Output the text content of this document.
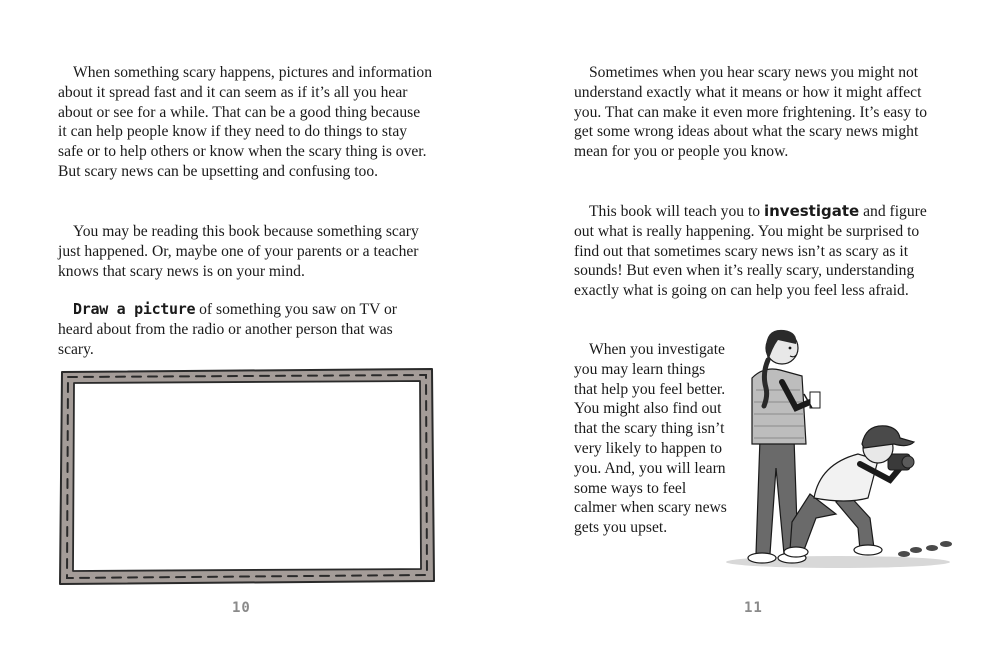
When something scary happens, pictures and information about it spread fast and it can seem as if it’s all you hear about or see for a while. That can be a good thing because it can help people know if they need to do things to stay safe or to help others or know when the scary thing is over. But scary news can be upsetting and confusing too.

You may be reading this book because something scary just happened. Or, maybe one of your parents or a teacher knows that scary news is on your mind.

Draw a picture of something you saw on TV or heard about from the radio or another person that was scary.

10

Sometimes when you hear scary news you might not understand exactly what it means or how it might affect you. That can make it even more frightening. It’s easy to get some wrong ideas about what the scary news might mean for you or people you know.

This book will teach you to investigate and figure out what is really happening. You might be surprised to find out that sometimes scary news isn’t as scary as it sounds! But even when it’s really scary, understanding exactly what is going on can help you feel less afraid.

When you investigate you may learn things that help you feel better. You might also find out that the scary thing isn’t very likely to happen to you. And, you will learn some ways to feel calmer when scary news gets you upset.

11
